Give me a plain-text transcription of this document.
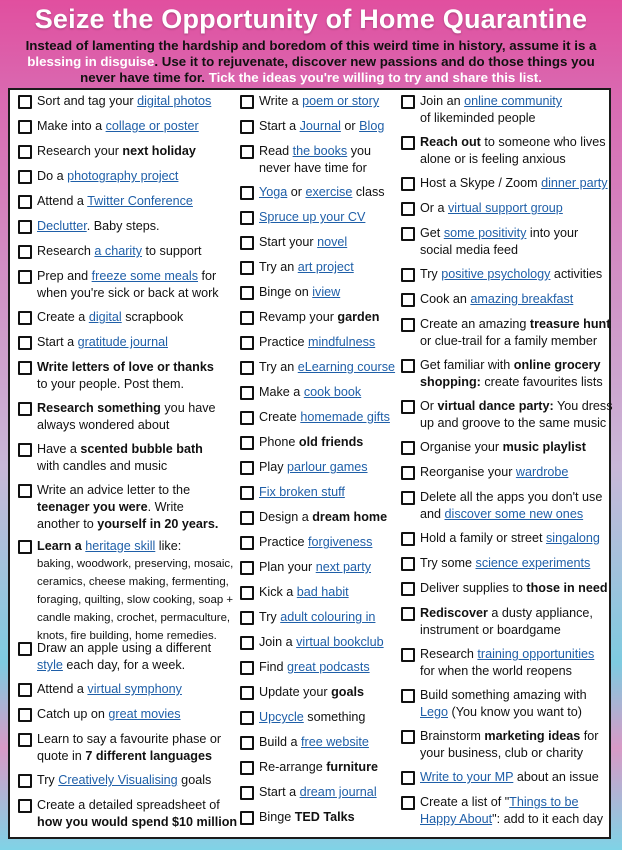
Seize the Opportunity of Home Quarantine
Instead of lamenting the hardship and boredom of this weird time in history, assume it is a blessing in disguise. Use it to rejuvenate, discover new passions and do those things you never have time for. Tick the ideas you're willing to try and share this list.
Sort and tag your digital photos
Make into a collage or poster
Research your next holiday
Do a photography project
Attend a Twitter Conference
Declutter. Baby steps.
Research a charity to support
Prep and freeze some meals for
when you're sick or back at work
Create a digital scrapbook
Start a gratitude journal
Write letters of love or thanks
to your people. Post them.
Research something you have
always wondered about
Have a scented bubble bath
with candles and music
Write an advice letter to the
teenager you were. Write
another to yourself in 20 years.
Learn a heritage skill like:
baking, woodwork, preserving, mosaic,
ceramics, cheese making, fermenting,
foraging, quilting, slow cooking, soap +
candle making, crochet, permaculture,
knots, fire building, home remedies.
Draw an apple using a different
style each day, for a week.
Attend a virtual symphony
Catch up on great movies
Learn to say a favourite phase or
quote in 7 different languages
Try Creatively Visualising goals
Create a detailed spreadsheet of
how you would spend $10 million
Write a poem or story
Start a Journal or Blog
Read the books you
never have time for
Yoga or exercise class
Spruce up your CV
Start your novel
Try an art project
Binge on iview
Revamp your garden
Practice mindfulness
Try an eLearning course
Make a cook book
Create homemade gifts
Phone old friends
Play parlour games
Fix broken stuff
Design a dream home
Practice forgiveness
Plan your next party
Kick a bad habit
Try adult colouring in
Join a virtual bookclub
Find great podcasts
Update your goals
Upcycle something
Build a free website
Re-arrange furniture
Start a dream journal
Binge TED Talks
Join an online community
of likeminded people
Reach out to someone who lives
alone or is feeling anxious
Host a Skype / Zoom dinner party
Or a virtual support group
Get some positivity into your
social media feed
Try positive psychology activities
Cook an amazing breakfast
Create an amazing treasure hunt
or clue-trail for a family member
Get familiar with online grocery
shopping: create favourites lists
Or virtual dance party: You dress
up and groove to the same music
Organise your music playlist
Reorganise your wardrobe
Delete all the apps you don't use
and discover some new ones
Hold a family or street singalong
Try some science experiments
Deliver supplies to those in need
Rediscover a dusty appliance,
instrument or boardgame
Research training opportunities
for when the world reopens
Build something amazing with
Lego (You know you want to)
Brainstorm marketing ideas for
your business, club or charity
Write to your MP about an issue
Create a list of "Things to be
Happy About": add to it each day
